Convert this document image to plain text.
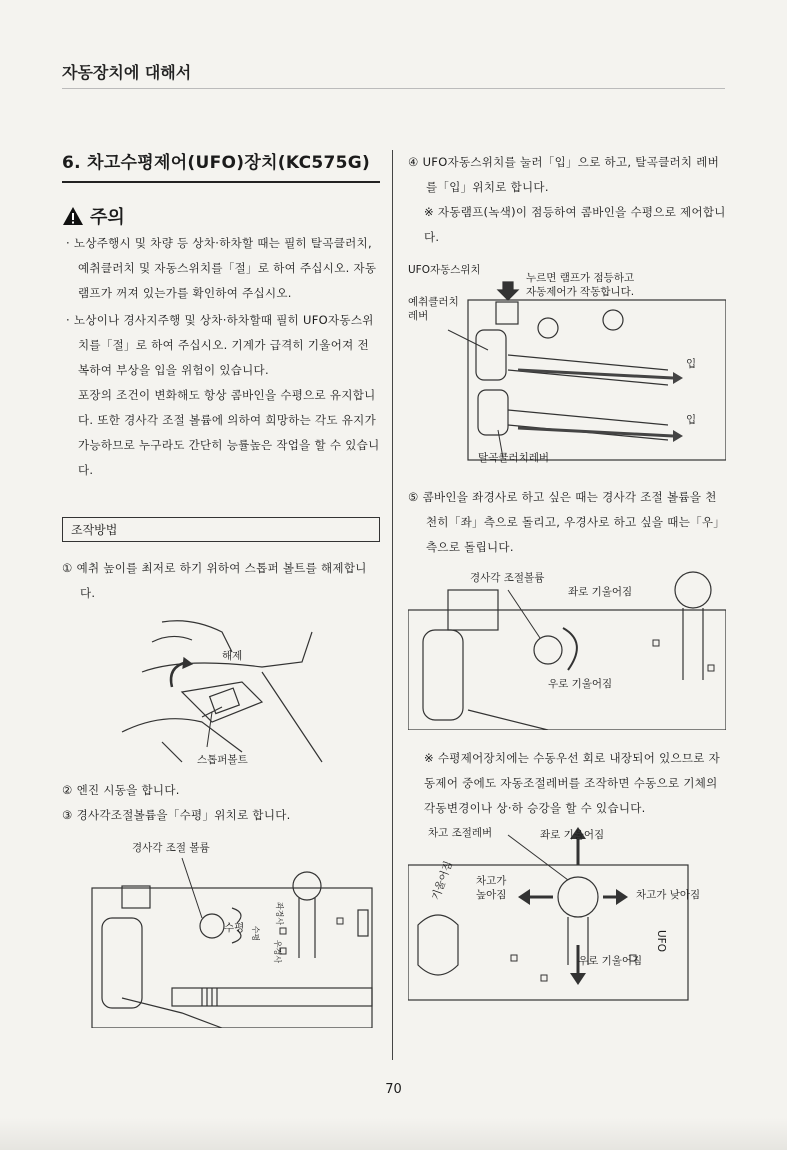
자동장치에 대해서
6. 차고수평제어(UFO)장치(KC575G)
주의

· 노상주행시 및 차량 등 상차·하차할 때는 필히 탈곡클러치, 예취클러치 및 자동스위치를「절」로 하여 주십시오. 자동 램프가 꺼져 있는가를 확인하여 주십시오.

· 노상이나 경사지주행 및 상차·하차할때 필히 UFO자동스위치를「절」로 하여 주십시오. 기계가 급격히 기울어져 전복하여 부상을 입을 위험이 있습니다.

포장의 조건이 변화해도 항상 콤바인을 수평으로 유지합니다. 또한 경사각 조절 볼륨에 의하여 희망하는 각도 유지가 가능하므로 누구라도 간단히 능률높은 작업을 할 수 있습니다.

조작방법

① 예취 높이를 최저로 하기 위하여 스톱퍼 볼트를 해제합니다.

해제
스톱퍼볼트

② 엔진 시동을 합니다.

③ 경사각조절볼륨을「수평」위치로 합니다.

경사각 조절 볼륨
수평
좌경사
수평
우경사

④ UFO자동스위치를 눌러「입」으로 하고, 탈곡클러치 레버를「입」위치로 합니다.

※ 자동램프(녹색)이 점등하여 콤바인을 수평으로 제어합니다.

UFO자동스위치
누르면 램프가 점등하고
자동제어가 작동합니다.
예취클러치
레버
입
입
탈곡클러치레버

⑤ 콤바인을 좌경사로 하고 싶은 때는 경사각 조절 볼륨을 천천히「좌」측으로 돌리고, 우경사로 하고 싶을 때는「우」측으로 돌립니다.

경사각 조절볼륨
좌로 기울어짐
우로 기울어짐

※ 수평제어장치에는 수동우선 회로 내장되어 있으므로 자동제어 중에도 자동조절레버를 조작하면 수동으로 기체의 각동변경이나 상·하 승강을 할 수 있습니다.

차고 조절레버	좌로 기울어짐
차고가
높아짐	차고가 낮아짐
우로 기울어짐
기울어짐
UFO
70
